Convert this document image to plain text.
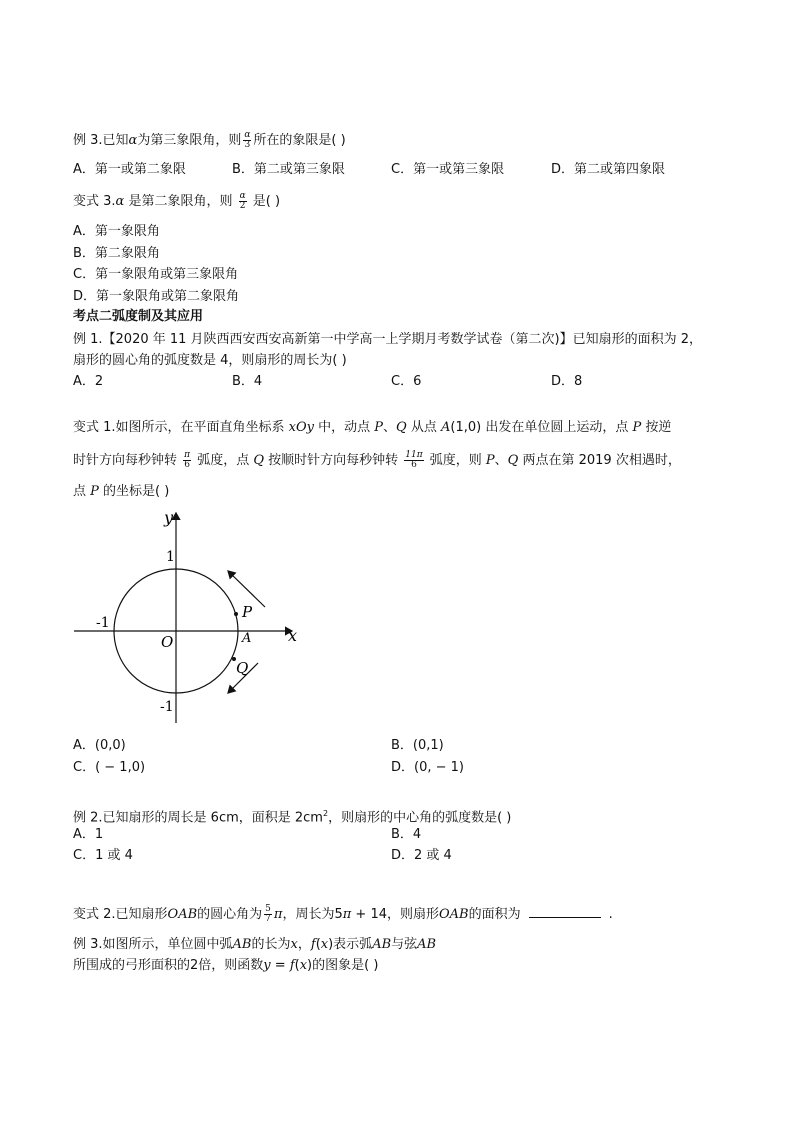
例 3.已知α为第三象限角，则 $\frac{\alpha}{3}$ 所在的象限是( )
A．第一或第二象限	B．第二或第三象限	C．第一或第三象限	D．第二或第四象限
变式 3.α 是第二象限角，则 $\frac{\alpha}{2}$ 是( )
A．第一象限角
B．第二象限角
C．第一象限角或第三象限角
D．第一象限角或第二象限角
考点二弧度制及其应用
例 1.【2020 年 11 月陕西西安西安高新第一中学高一上学期月考数学试卷（第二次)】已知扇形的面积为 2，
扇形的圆心角的弧度数是 4，则扇形的周长为( )
A．2	B．4	C．6	D．8
变式 1.如图所示，在平面直角坐标系 xOy 中，动点 P、Q 从点 A(1,0) 出发在单位圆上运动，点 P 按逆
时针方向每秒钟转 $\frac{\pi}{6}$ 弧度，点 Q 按顺时针方向每秒钟转 $\frac{11\pi}{6}$ 弧度，则 P、Q 两点在第 2019 次相遇时，
点 P 的坐标是( )
y
x
1
-1
-1
O	A
P
Q
A．(0,0)	B．(0,1)
C．( − 1,0)	D．(0, − 1)
例 2.已知扇形的周长是 6cm，面积是 $2cm^2$，则扇形的中心角的弧度数是( )
A．1	B．4
C．1 或 4	D．2 或 4
变式 2.已知扇形OAB的圆心角为 $\frac{5}{7}$ π，周长为5π + 14，则扇形OAB的面积为	.
例 3.如图所示，单位圆中弧AB的长为x，f(x)表示弧AB与弦AB
所围成的弓形面积的2倍，则函数y = f(x)的图象是( )
